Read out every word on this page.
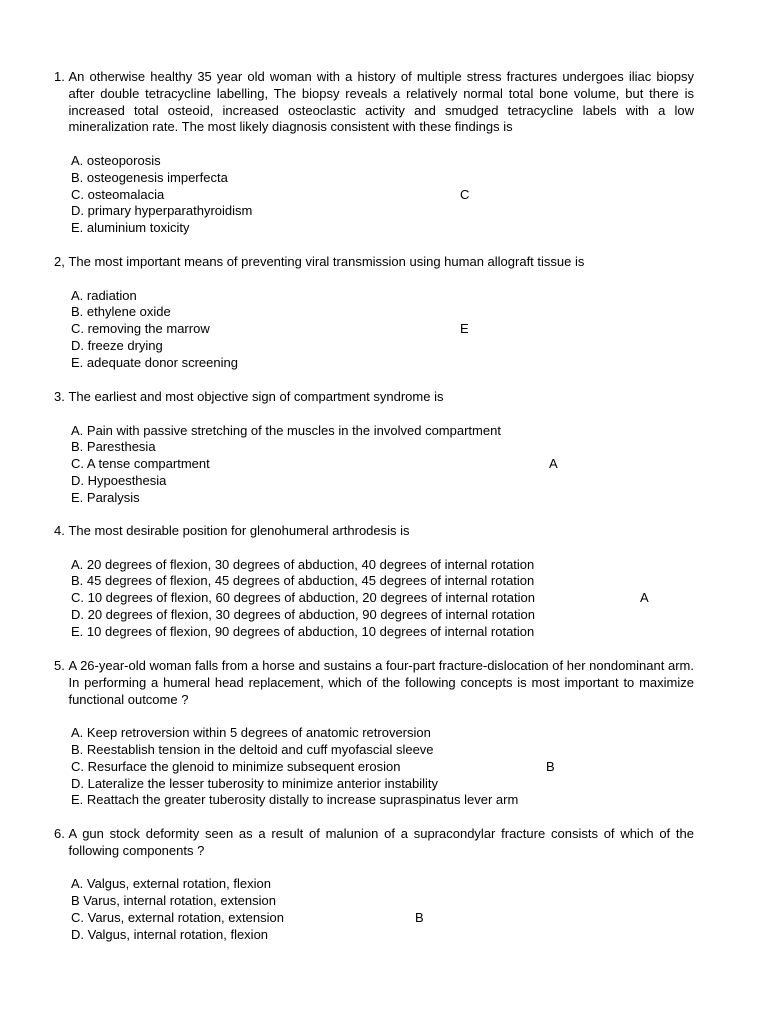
1.
An otherwise healthy 35 year old woman with a history of multiple stress fractures undergoes iliac biopsy after double tetracycline labelling, The biopsy reveals a relatively normal total bone volume, but there is increased total osteoid, increased osteoclastic activity and smudged tetracycline labels with a low mineralization rate. The most likely diagnosis consistent with these findings is
A. osteoporosis
B. osteogenesis imperfecta
C. osteomalacia	C
D. primary hyperparathyroidism
E. aluminium toxicity
2,
The most important means of preventing viral transmission using human allograft tissue is
A. radiation
B. ethylene oxide
C. removing the marrow	E
D. freeze drying
E. adequate donor screening
3.
The earliest and most objective sign of compartment syndrome is
A. Pain with passive stretching of the muscles in the involved compartment
B. Paresthesia
C. A tense compartment	A
D. Hypoesthesia
E. Paralysis
4.
The most desirable position for glenohumeral arthrodesis is
A. 20 degrees of flexion, 30 degrees of abduction, 40 degrees of internal rotation
B. 45 degrees of flexion, 45 degrees of abduction, 45 degrees of internal rotation
C. 10 degrees of flexion, 60 degrees of abduction, 20 degrees of internal rotation	A
D. 20 degrees of flexion, 30 degrees of abduction, 90 degrees of internal rotation
E. 10 degrees of flexion, 90 degrees of abduction, 10 degrees of internal rotation
5.
A 26-year-old woman falls from a horse and sustains a four-part fracture-dislocation of her nondominant arm. In performing a humeral head replacement, which of the following concepts is most important to maximize functional outcome ?
A. Keep retroversion within 5 degrees of anatomic retroversion
B. Reestablish tension in the deltoid and cuff myofascial sleeve
C. Resurface the glenoid to minimize subsequent erosion	B
D. Lateralize the lesser tuberosity to minimize anterior instability
E. Reattach the greater tuberosity distally to increase supraspinatus lever arm
6.
A gun stock deformity seen as a result of malunion of a supracondylar fracture consists of which of the following components ?
A. Valgus, external rotation, flexion
B Varus, internal rotation, extension
C. Varus, external rotation, extension	B
D. Valgus, internal rotation, flexion
